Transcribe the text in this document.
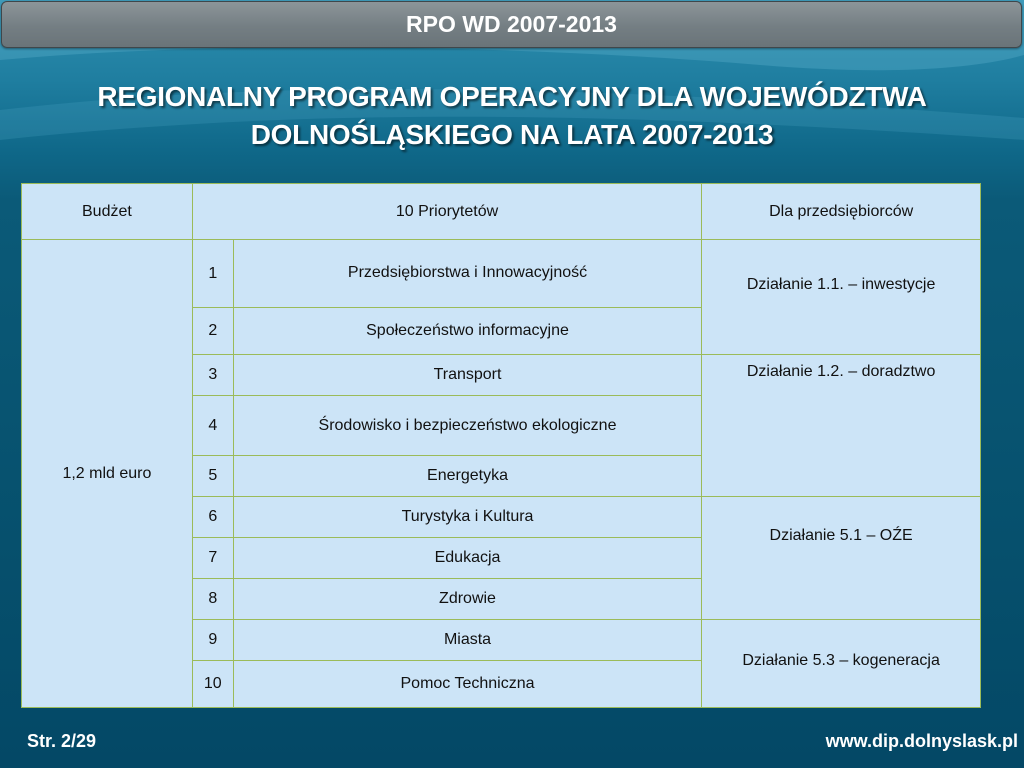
RPO WD 2007-2013
REGIONALNY PROGRAM OPERACYJNY DLA WOJEWÓDZTWA
DOLNOŚLĄSKIEGO NA LATA 2007-2013
Budżet	10 Priorytetów		Dla przedsiębiorców
1,2 mld euro	1	Przedsiębiorstwa i Innowacyjność	Działanie 1.1. – inwestycje
	2	Społeczeństwo informacyjne	
	3	Transport	Działanie 1.2. – doradztwo
	4	Środowisko i bezpieczeństwo ekologiczne	
	5	Energetyka	
	6	Turystyka i Kultura	Działanie 5.1 – OŹE
	7	Edukacja	
	8	Zdrowie	
	9	Miasta	Działanie 5.3 – kogeneracja
	10	Pomoc Techniczna	
Str. 2/29	www.dip.dolnyslask.pl
